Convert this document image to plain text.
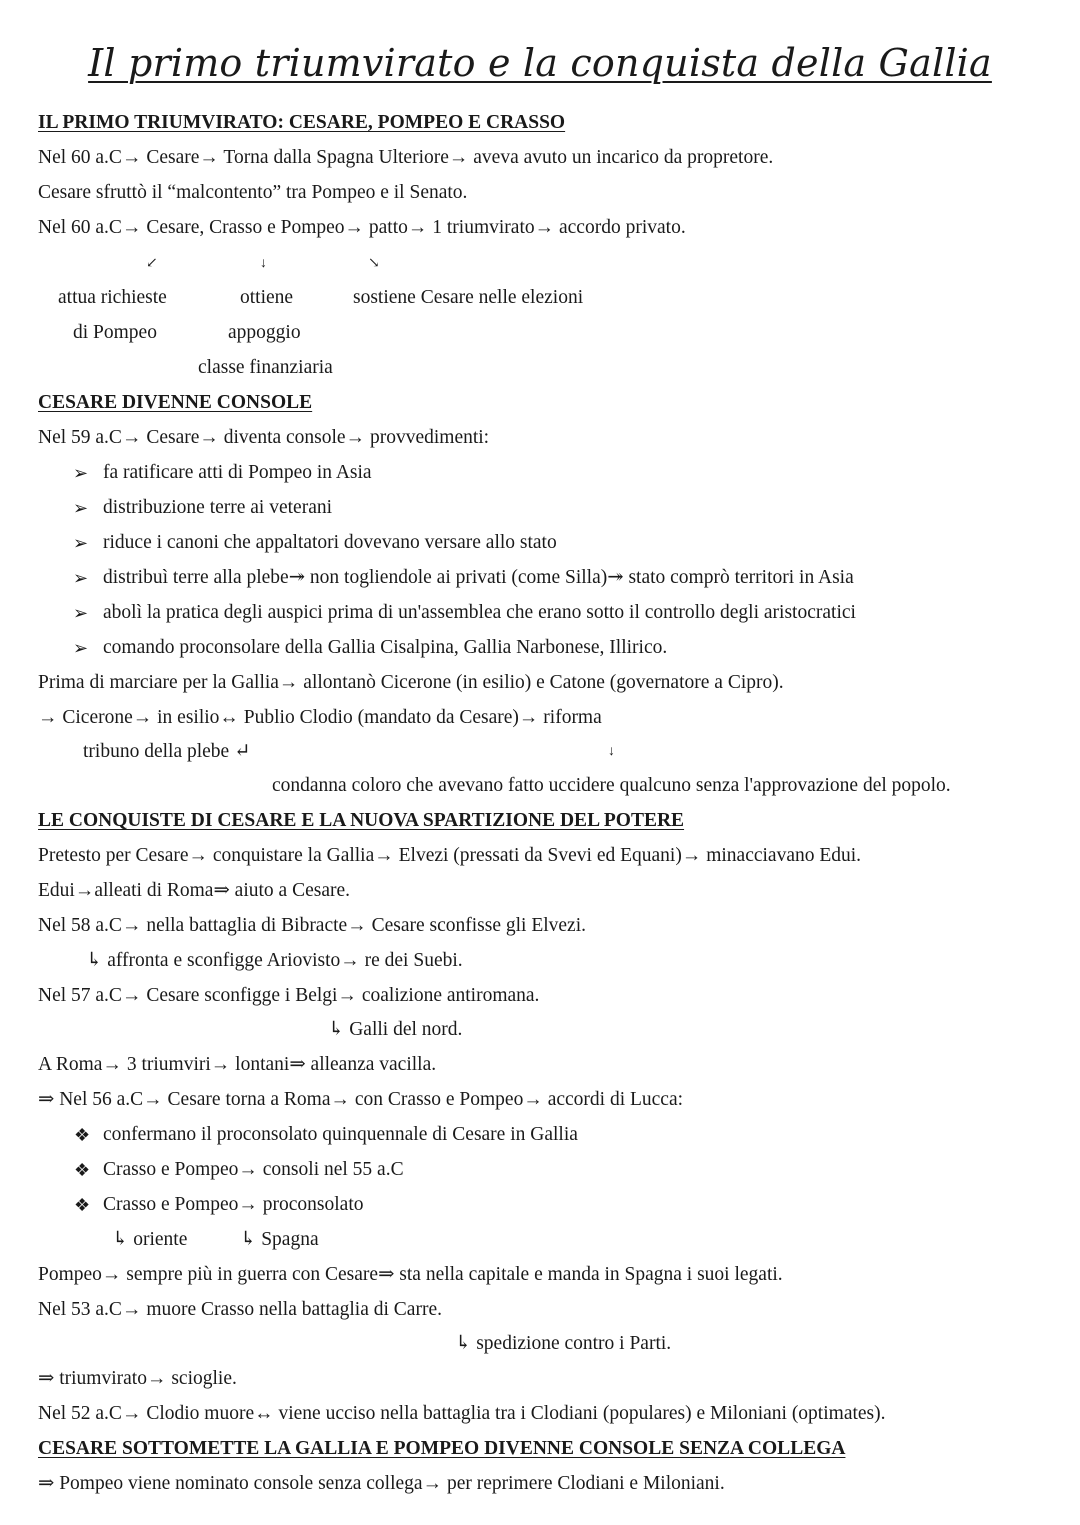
Il primo triumvirato e la conquista della Gallia
IL PRIMO TRIUMVIRATO: CESARE, POMPEO E CRASSO
Nel 60 a.C→ Cesare→ Torna dalla Spagna Ulteriore→ aveva avuto un incarico da propretore.
Cesare sfruttò il “malcontento” tra Pompeo e il Senato.
Nel 60 a.C→ Cesare, Crasso e Pompeo→ patto→ 1 triumvirato→ accordo privato.
↙	↓	↘
attua richieste
di Pompeo
ottiene
appoggio
classe finanziaria
sostiene Cesare nelle elezioni
CESARE DIVENNE CONSOLE
Nel 59 a.C→ Cesare→ diventa console→ provvedimenti:
➢ fa ratificare atti di Pompeo in Asia
➢ distribuzione terre ai veterani
➢ riduce i canoni che appaltatori dovevano versare allo stato
➢ distribuì terre alla plebe↠ non togliendole ai privati (come Silla)↠ stato comprò territori in Asia
➢ abolì la pratica degli auspici prima di un'assemblea che erano sotto il controllo degli aristocratici
➢ comando proconsolare della Gallia Cisalpina, Gallia Narbonese, Illirico.
Prima di marciare per la Gallia→ allontanò Cicerone (in esilio) e Catone (governatore a Cipro).
→ Cicerone→ in esilio↔ Publio Clodio (mandato da Cesare)→ riforma
tribuno della plebe ↵	↓
condanna coloro che avevano fatto uccidere qualcuno senza l'approvazione del popolo.
LE CONQUISTE DI CESARE E LA NUOVA SPARTIZIONE DEL POTERE
Pretesto per Cesare→ conquistare la Gallia→ Elvezi (pressati da Svevi ed Equani)→ minacciavano Edui.
Edui→alleati di Roma⇒ aiuto a Cesare.
Nel 58 a.C→ nella battaglia di Bibracte→ Cesare sconfisse gli Elvezi.
↳ affronta e sconfigge Ariovisto→ re dei Suebi.
Nel 57 a.C→ Cesare sconfigge i Belgi→ coalizione antiromana.
↳ Galli del nord.
A Roma→ 3 triumviri→ lontani⇒ alleanza vacilla.
⇒ Nel 56 a.C→ Cesare torna a Roma→ con Crasso e Pompeo→ accordi di Lucca:
❖ confermano il proconsolato quinquennale di Cesare in Gallia
❖ Crasso e Pompeo→ consoli nel 55 a.C
❖ Crasso e Pompeo→ proconsolato
↳ oriente	↳ Spagna
Pompeo→ sempre più in guerra con Cesare⇒ sta nella capitale e manda in Spagna i suoi legati.
Nel 53 a.C→ muore Crasso nella battaglia di Carre.
↳ spedizione contro i Parti.
⇒ triumvirato→ scioglie.
Nel 52 a.C→ Clodio muore↔ viene ucciso nella battaglia tra i Clodiani (populares) e Miloniani (optimates).
CESARE SOTTOMETTE LA GALLIA E POMPEO DIVENNE CONSOLE SENZA COLLEGA
⇒ Pompeo viene nominato console senza collega→ per reprimere Clodiani e Miloniani.
